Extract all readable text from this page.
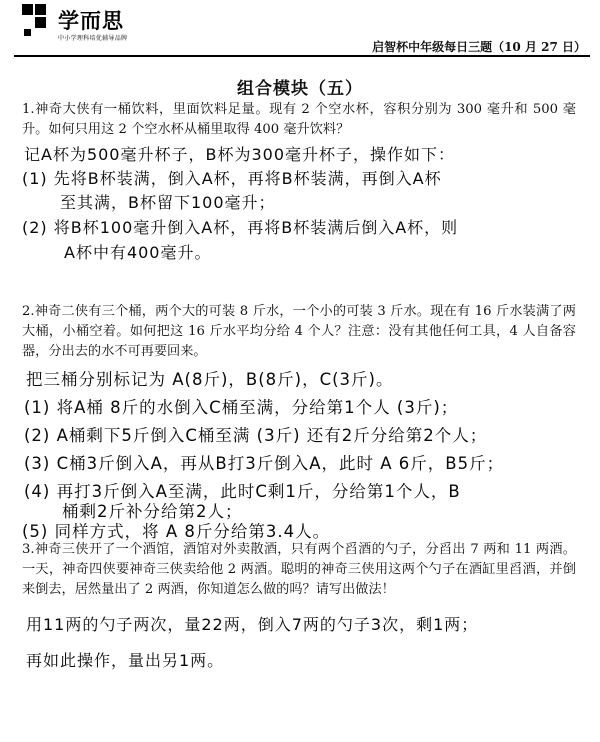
学而思
中小学理科培优辅导品牌
启智杯中年级每日三题（10 月 27 日）
组合模块（五）
1.神奇大侠有一桶饮料，里面饮料足量。现有 2 个空水杯，容积分别为 300 毫升和 500 毫升。如何只用这 2 个空水杯从桶里取得 400 毫升饮料？
记A杯为500毫升杯子，B杯为300毫升杯子，操作如下：
(1) 先将B杯装满，倒入A杯，再将B杯装满，再倒入A杯
至其满，B杯留下100毫升；
(2) 将B杯100毫升倒入A杯，再将B杯装满后倒入A杯，则
A杯中有400毫升。
2.神奇二侠有三个桶，两个大的可装 8 斤水，一个小的可装 3 斤水。现在有 16 斤水装满了两大桶，小桶空着。如何把这 16 斤水平均分给 4 个人？注意：没有其他任何工具，4 人自备容器，分出去的水不可再要回来。
把三桶分别标记为 A(8斤)，B(8斤)，C(3斤)。
(1) 将A桶 8斤的水倒入C桶至满，分给第1个人 (3斤)；
(2) A桶剩下5斤倒入C桶至满 (3斤) 还有2斤分给第2个人；
(3) C桶3斤倒入A，再从B打3斤倒入A，此时 A 6斤，B5斤；
(4) 再打3斤倒入A至满，此时C剩1斤，分给第1个人，B
桶剩2斤补分给第2人；
(5) 同样方式，将 A 8斤分给第3.4人。
3.神奇三侠开了一个酒馆，酒馆对外卖散酒，只有两个舀酒的勺子，分舀出 7 两和 11 两酒。一天，神奇四侠要神奇三侠卖给他 2 两酒。聪明的神奇三侠用这两个勺子在酒缸里舀酒，并倒来倒去，居然量出了 2 两酒，你知道怎么做的吗？请写出做法！
用11两的勺子两次，量22两，倒入7两的勺子3次，剩1两；
再如此操作，量出另1两。
